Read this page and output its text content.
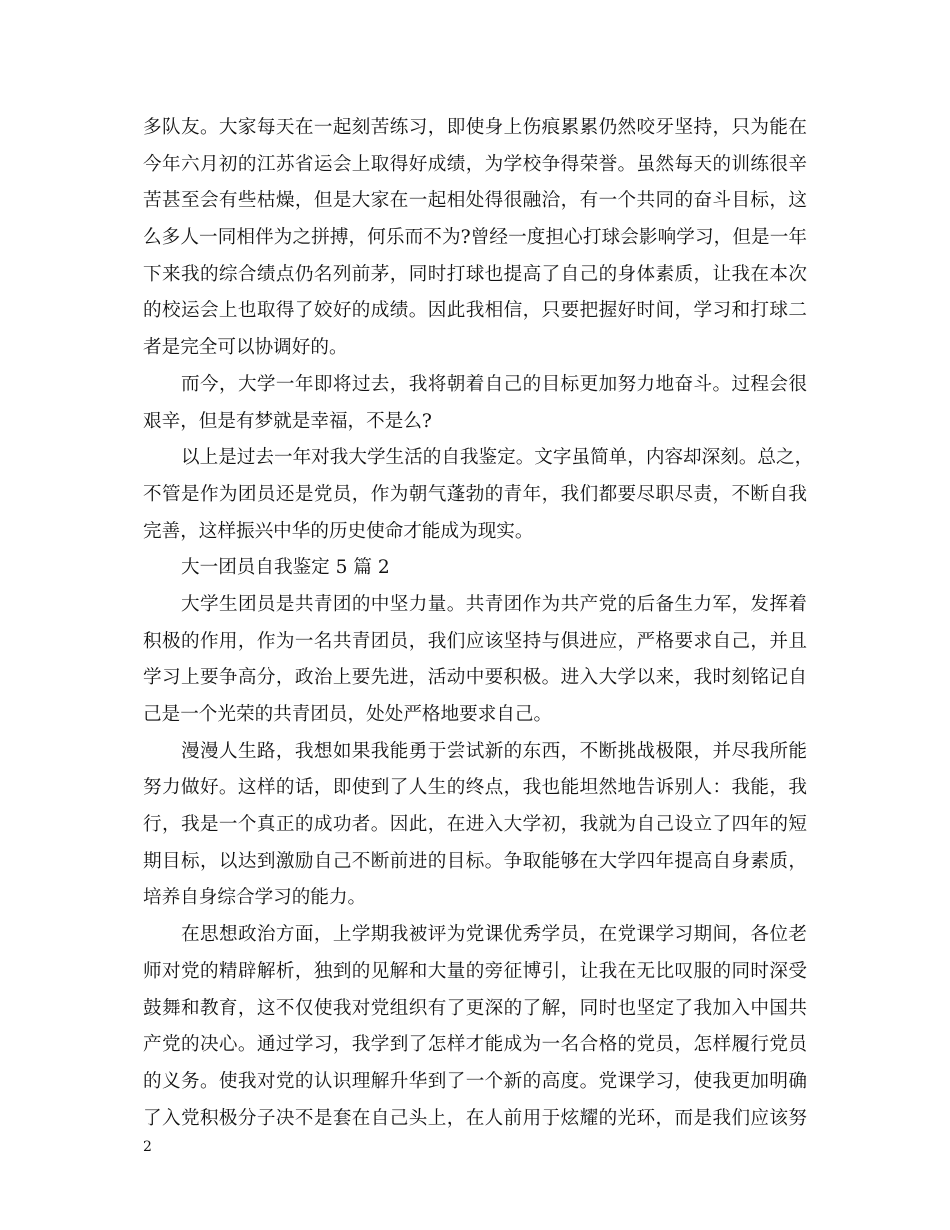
多队友。大家每天在一起刻苦练习，即使身上伤痕累累仍然咬牙坚持，只为能在
今年六月初的江苏省运会上取得好成绩，为学校争得荣誉。虽然每天的训练很辛
苦甚至会有些枯燥，但是大家在一起相处得很融洽，有一个共同的奋斗目标，这
么多人一同相伴为之拼搏，何乐而不为?曾经一度担心打球会影响学习，但是一年
下来我的综合绩点仍名列前茅，同时打球也提高了自己的身体素质，让我在本次
的校运会上也取得了姣好的成绩。因此我相信，只要把握好时间，学习和打球二
者是完全可以协调好的。
而今，大学一年即将过去，我将朝着自己的目标更加努力地奋斗。过程会很
艰辛，但是有梦就是幸福，不是么?
以上是过去一年对我大学生活的自我鉴定。文字虽简单，内容却深刻。总之，
不管是作为团员还是党员，作为朝气蓬勃的青年，我们都要尽职尽责，不断自我
完善，这样振兴中华的历史使命才能成为现实。
大一团员自我鉴定 5 篇 2
大学生团员是共青团的中坚力量。共青团作为共产党的后备生力军，发挥着
积极的作用，作为一名共青团员，我们应该坚持与俱进应，严格要求自己，并且
学习上要争高分，政治上要先进，活动中要积极。进入大学以来，我时刻铭记自
己是一个光荣的共青团员，处处严格地要求自己。
漫漫人生路，我想如果我能勇于尝试新的东西，不断挑战极限，并尽我所能
努力做好。这样的话，即使到了人生的终点，我也能坦然地告诉别人：我能，我
行，我是一个真正的成功者。因此，在进入大学初，我就为自己设立了四年的短
期目标，以达到激励自己不断前进的目标。争取能够在大学四年提高自身素质，
培养自身综合学习的能力。
在思想政治方面，上学期我被评为党课优秀学员，在党课学习期间，各位老
师对党的精辟解析，独到的见解和大量的旁征博引，让我在无比叹服的同时深受
鼓舞和教育，这不仅使我对党组织有了更深的了解，同时也坚定了我加入中国共
产党的决心。通过学习，我学到了怎样才能成为一名合格的党员，怎样履行党员
的义务。使我对党的认识理解升华到了一个新的高度。党课学习，使我更加明确
了入党积极分子决不是套在自己头上，在人前用于炫耀的光环，而是我们应该努
2
